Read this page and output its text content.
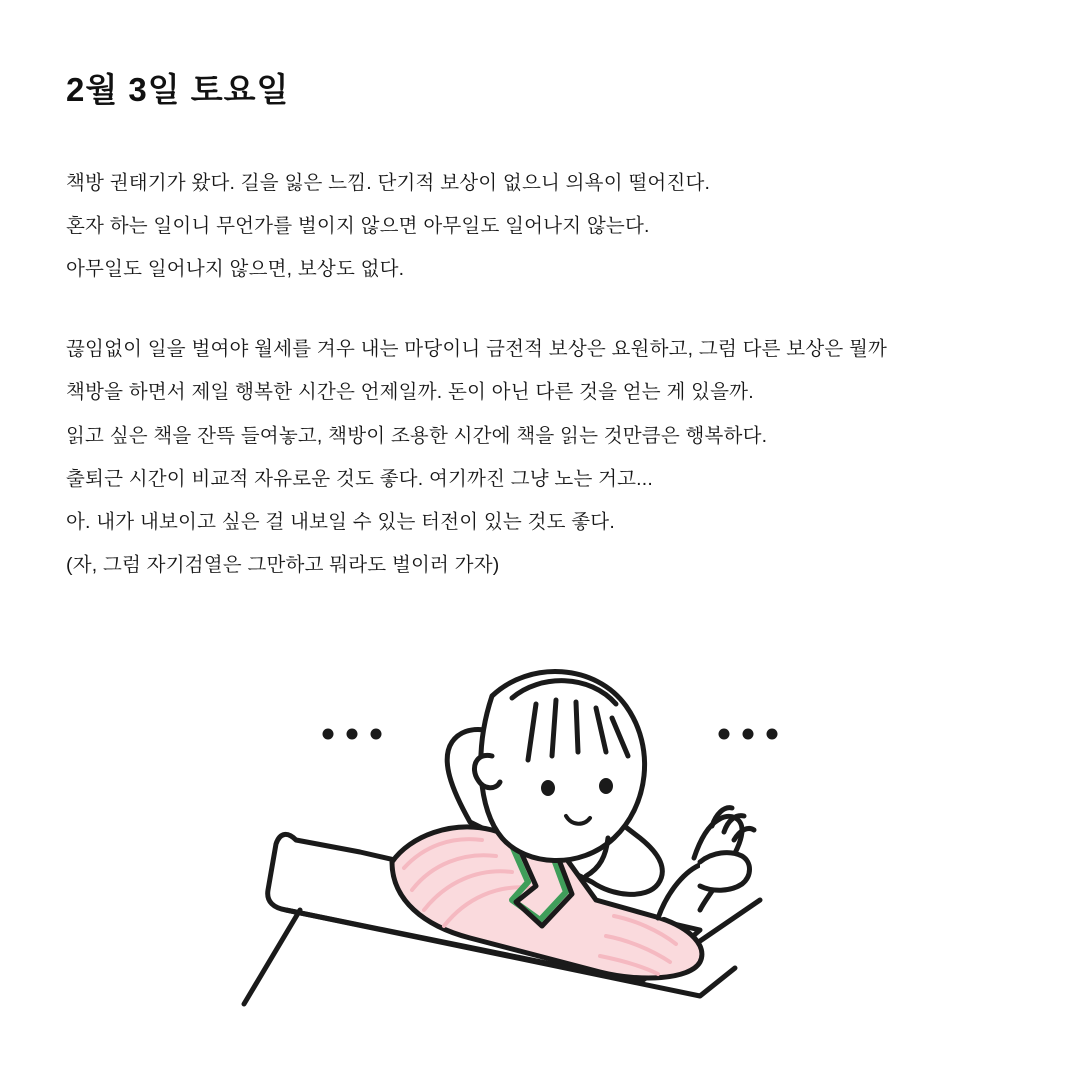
2월 3일 토요일

책방 권태기가 왔다. 길을 잃은 느낌. 단기적 보상이 없으니 의욕이 떨어진다.

혼자 하는 일이니 무언가를 벌이지 않으면 아무일도 일어나지 않는다.

아무일도 일어나지 않으면, 보상도 없다.

끊임없이 일을 벌여야 월세를 겨우 내는 마당이니 금전적 보상은 요원하고, 그럼 다른 보상은 뭘까

책방을 하면서 제일 행복한 시간은 언제일까. 돈이 아닌 다른 것을 얻는 게 있을까.

읽고 싶은 책을 잔뜩 들여놓고, 책방이 조용한 시간에 책을 읽는 것만큼은 행복하다.

출퇴근 시간이 비교적 자유로운 것도 좋다. 여기까진 그냥 노는 거고...

아. 내가 내보이고 싶은 걸 내보일 수 있는 터전이 있는 것도 좋다.

(자, 그럼 자기검열은 그만하고 뭐라도 벌이러 가자)
